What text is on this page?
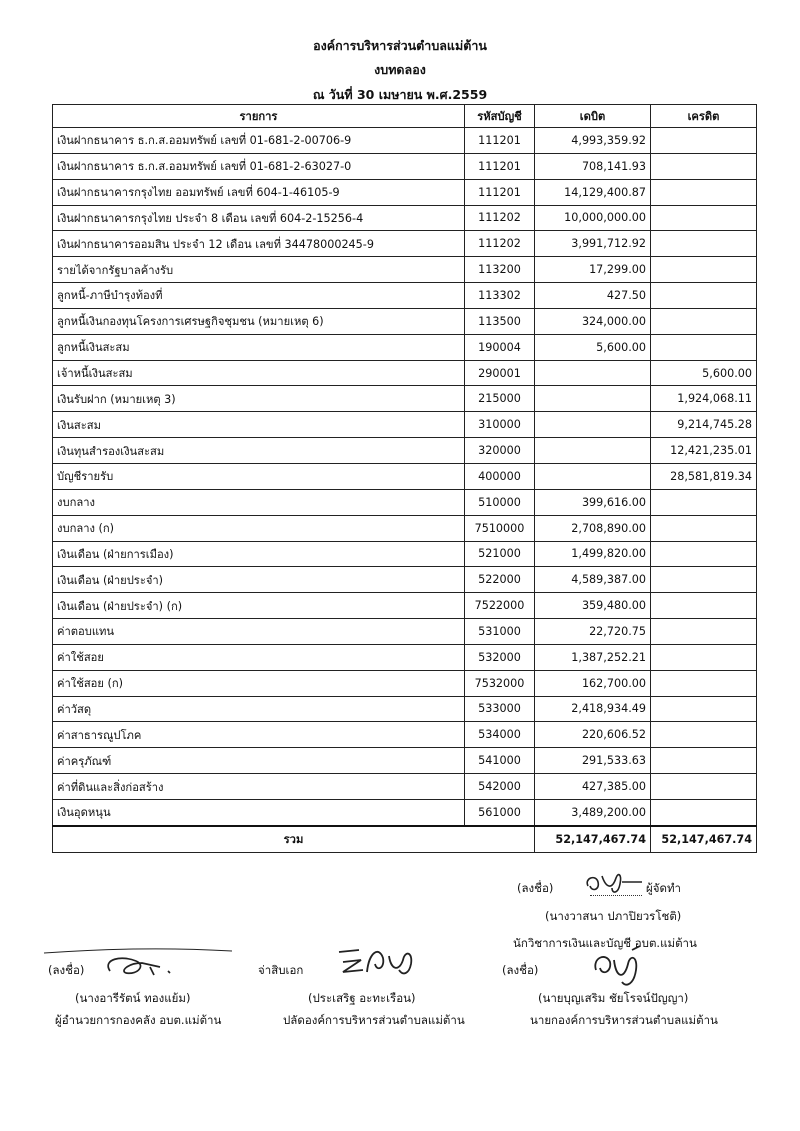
องค์การบริหารส่วนตำบลแม่ต้าน
งบทดลอง
ณ วันที่ 30 เมษายน พ.ศ.2559
รายการ	รหัสบัญชี	เดบิต	เครดิต
เงินฝากธนาคาร ธ.ก.ส.ออมทรัพย์ เลขที่ 01-681-2-00706-9	111201	4,993,359.92	
เงินฝากธนาคาร ธ.ก.ส.ออมทรัพย์ เลขที่ 01-681-2-63027-0	111201	708,141.93	
เงินฝากธนาคารกรุงไทย ออมทรัพย์ เลขที่ 604-1-46105-9	111201	14,129,400.87	
เงินฝากธนาคารกรุงไทย ประจำ 8 เดือน เลขที่ 604-2-15256-4	111202	10,000,000.00	
เงินฝากธนาคารออมสิน ประจำ 12 เดือน เลขที่ 34478000245-9	111202	3,991,712.92	
รายได้จากรัฐบาลค้างรับ	113200	17,299.00	
ลูกหนี้-ภาษีบำรุงท้องที่	113302	427.50	
ลูกหนี้เงินกองทุนโครงการเศรษฐกิจชุมชน (หมายเหตุ 6)	113500	324,000.00	
ลูกหนี้เงินสะสม	190004	5,600.00	
เจ้าหนี้เงินสะสม	290001		5,600.00
เงินรับฝาก (หมายเหตุ 3)	215000		1,924,068.11
เงินสะสม	310000		9,214,745.28
เงินทุนสำรองเงินสะสม	320000		12,421,235.01
บัญชีรายรับ	400000		28,581,819.34
งบกลาง	510000	399,616.00	
งบกลาง (ก)	7510000	2,708,890.00	
เงินเดือน (ฝ่ายการเมือง)	521000	1,499,820.00	
เงินเดือน (ฝ่ายประจำ)	522000	4,589,387.00	
เงินเดือน (ฝ่ายประจำ) (ก)	7522000	359,480.00	
ค่าตอบแทน	531000	22,720.75	
ค่าใช้สอย	532000	1,387,252.21	
ค่าใช้สอย (ก)	7532000	162,700.00	
ค่าวัสดุ	533000	2,418,934.49	
ค่าสาธารณูปโภค	534000	220,606.52	
ค่าครุภัณฑ์	541000	291,533.63	
ค่าที่ดินและสิ่งก่อสร้าง	542000	427,385.00	
เงินอุดหนุน	561000	3,489,200.00	
รวม		52,147,467.74	52,147,467.74
(ลงชื่อ)	ผู้จัดทำ
(นางวาสนา ปภาปิยวรโชติ)
นักวิชาการเงินและบัญชี อบต.แม่ต้าน
(ลงชื่อ)
(นางอารีรัตน์ ทองแย้ม)
ผู้อำนวยการกองคลัง อบต.แม่ต้าน
จ่าสิบเอก
(ประเสริฐ อะทะเรือน)
ปลัดองค์การบริหารส่วนตำบลแม่ต้าน
(ลงชื่อ)
(นายบุญเสริม ชัยโรจน์ปัญญา)
นายกองค์การบริหารส่วนตำบลแม่ต้าน
